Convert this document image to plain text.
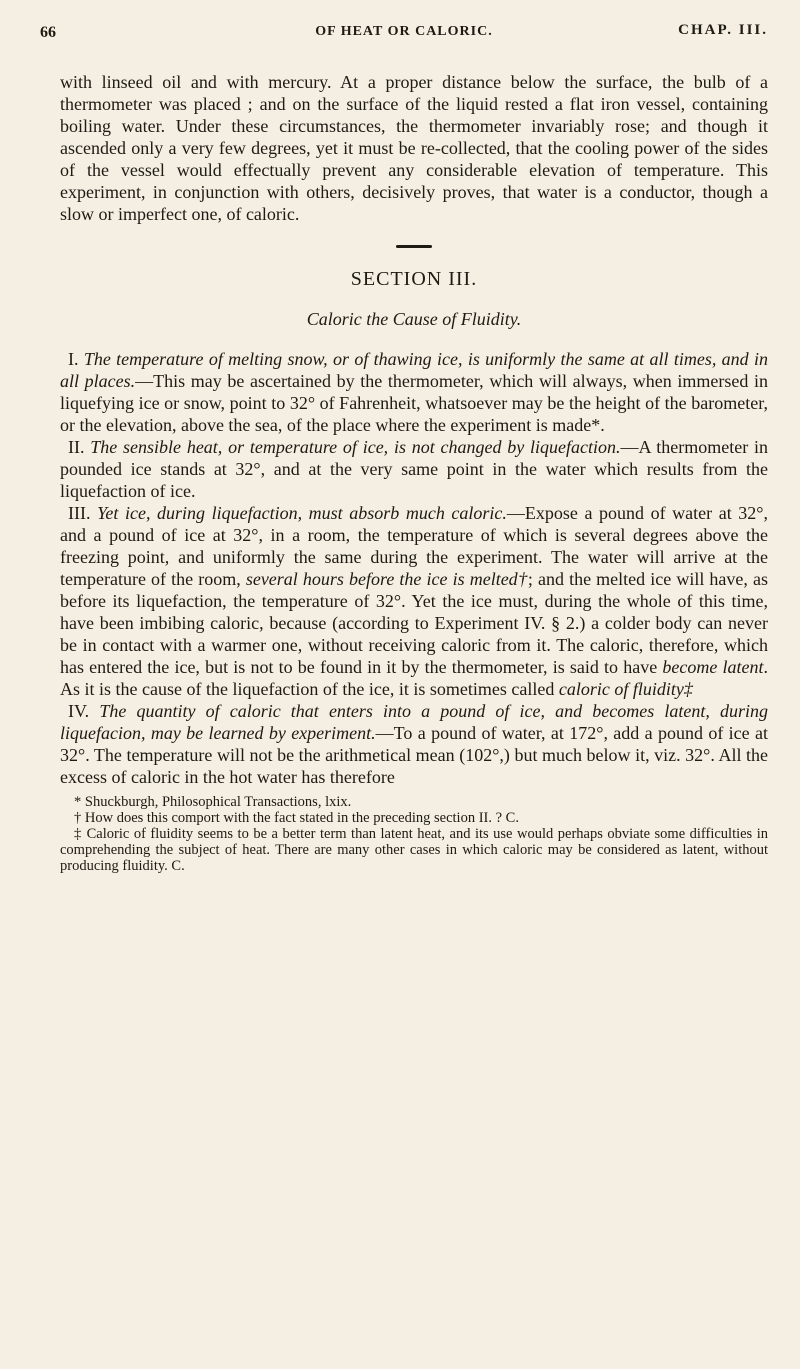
66	OF HEAT OR CALORIC.	CHAP. III.

with linseed oil and with mercury. At a proper distance below the surface, the bulb of a thermometer was placed ; and on the surface of the liquid rested a flat iron vessel, containing boiling water. Under these circumstances, the thermometer invariably rose; and though it ascended only a very few degrees, yet it must be re-collected, that the cooling power of the sides of the vessel would effectually prevent any considerable elevation of temperature. This experiment, in conjunction with others, decisively proves, that water is a conductor, though a slow or imperfect one, of caloric.

SECTION III.
Caloric the Cause of Fluidity.

I. The temperature of melting snow, or of thawing ice, is uniformly the same at all times, and in all places.—This may be ascertained by the thermometer, which will always, when immersed in liquefying ice or snow, point to 32° of Fahrenheit, whatsoever may be the height of the barometer, or the elevation, above the sea, of the place where the experiment is made*.

II. The sensible heat, or temperature of ice, is not changed by liquefaction.—A thermometer in pounded ice stands at 32°, and at the very same point in the water which results from the liquefaction of ice.

III. Yet ice, during liquefaction, must absorb much caloric.—Expose a pound of water at 32°, and a pound of ice at 32°, in a room, the temperature of which is several degrees above the freezing point, and uniformly the same during the experiment. The water will arrive at the temperature of the room, several hours before the ice is melted†; and the melted ice will have, as before its liquefaction, the temperature of 32°. Yet the ice must, during the whole of this time, have been imbibing caloric, because (according to Experiment IV. § 2.) a colder body can never be in contact with a warmer one, without receiving caloric from it. The caloric, therefore, which has entered the ice, but is not to be found in it by the thermometer, is said to have become latent. As it is the cause of the liquefaction of the ice, it is sometimes called caloric of fluidity‡

IV. The quantity of caloric that enters into a pound of ice, and becomes latent, during liquefacion, may be learned by experiment.—To a pound of water, at 172°, add a pound of ice at 32°. The temperature will not be the arithmetical mean (102°,) but much below it, viz. 32°. All the excess of caloric in the hot water has therefore

* Shuckburgh, Philosophical Transactions, lxix.

† How does this comport with the fact stated in the preceding section II. ? C.

‡ Caloric of fluidity seems to be a better term than latent heat, and its use would perhaps obviate some difficulties in comprehending the subject of heat. There are many other cases in which caloric may be considered as latent, without producing fluidity. C.
